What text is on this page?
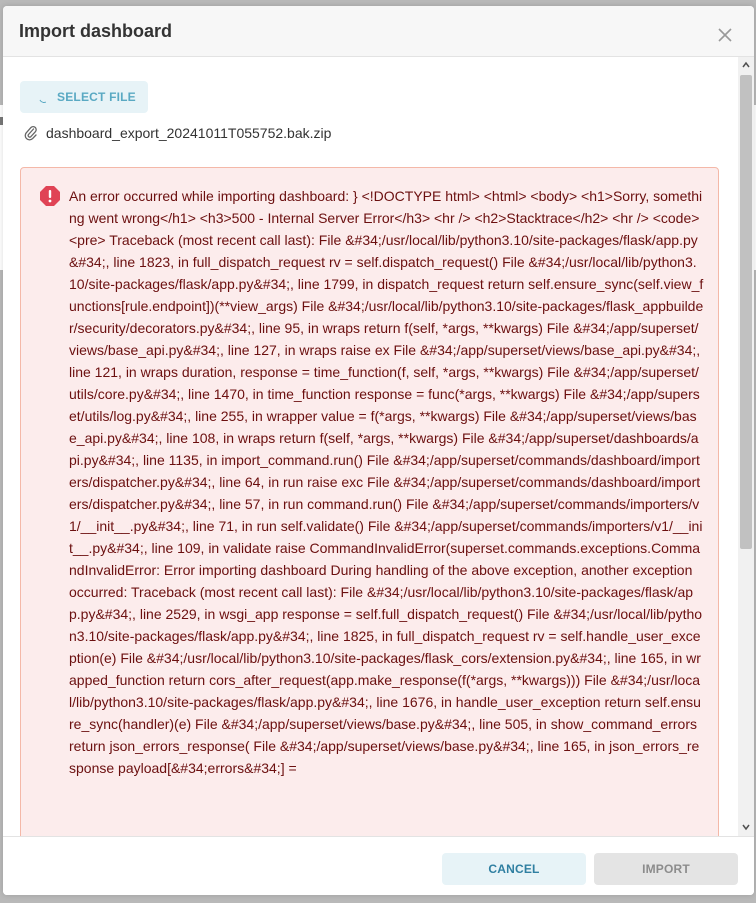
Import dashboard
SELECT FILE
dashboard_export_20241011T055752.bak.zip
An error occurred while importing dashboard: } <!DOCTYPE html> <html> <body> <h1>Sorry, something went wrong</h1> <h3>500 - Internal Server Error</h3> <hr /> <h2>Stacktrace</h2> <hr /> <code> <pre> Traceback (most recent call last): File &#34;/usr/local/lib/python3.10/site-packages/flask/app.py&#34;, line 1823, in full_dispatch_request rv = self.dispatch_request() File &#34;/usr/local/lib/python3.10/site-packages/flask/app.py&#34;, line 1799, in dispatch_request return self.ensure_sync(self.view_functions[rule.endpoint])(**view_args) File &#34;/usr/local/lib/python3.10/site-packages/flask_appbuilder/security/decorators.py&#34;, line 95, in wraps return f(self, *args, **kwargs) File &#34;/app/superset/views/base_api.py&#34;, line 127, in wraps raise ex File &#34;/app/superset/views/base_api.py&#34;, line 121, in wraps duration, response = time_function(f, self, *args, **kwargs) File &#34;/app/superset/utils/core.py&#34;, line 1470, in time_function response = func(*args, **kwargs) File &#34;/app/superset/utils/log.py&#34;, line 255, in wrapper value = f(*args, **kwargs) File &#34;/app/superset/views/base_api.py&#34;, line 108, in wraps return f(self, *args, **kwargs) File &#34;/app/superset/dashboards/api.py&#34;, line 1135, in import_command.run() File &#34;/app/superset/commands/dashboard/importers/dispatcher.py&#34;, line 64, in run raise exc File &#34;/app/superset/commands/dashboard/importers/dispatcher.py&#34;, line 57, in run command.run() File &#34;/app/superset/commands/importers/v1/__init__.py&#34;, line 71, in run self.validate() File &#34;/app/superset/commands/importers/v1/__init__.py&#34;, line 109, in validate raise CommandInvalidError(superset.commands.exceptions.CommandInvalidError: Error importing dashboard During handling of the above exception, another exception occurred: Traceback (most recent call last): File &#34;/usr/local/lib/python3.10/site-packages/flask/app.py&#34;, line 2529, in wsgi_app response = self.full_dispatch_request() File &#34;/usr/local/lib/python3.10/site-packages/flask/app.py&#34;, line 1825, in full_dispatch_request rv = self.handle_user_exception(e) File &#34;/usr/local/lib/python3.10/site-packages/flask_cors/extension.py&#34;, line 165, in wrapped_function return cors_after_request(app.make_response(f(*args, **kwargs))) File &#34;/usr/local/lib/python3.10/site-packages/flask/app.py&#34;, line 1676, in handle_user_exception return self.ensure_sync(handler)(e) File &#34;/app/superset/views/base.py&#34;, line 505, in show_command_errors return json_errors_response( File &#34;/app/superset/views/base.py&#34;, line 165, in json_errors_response payload[&#34;errors&#34;] =
CANCEL	IMPORT
